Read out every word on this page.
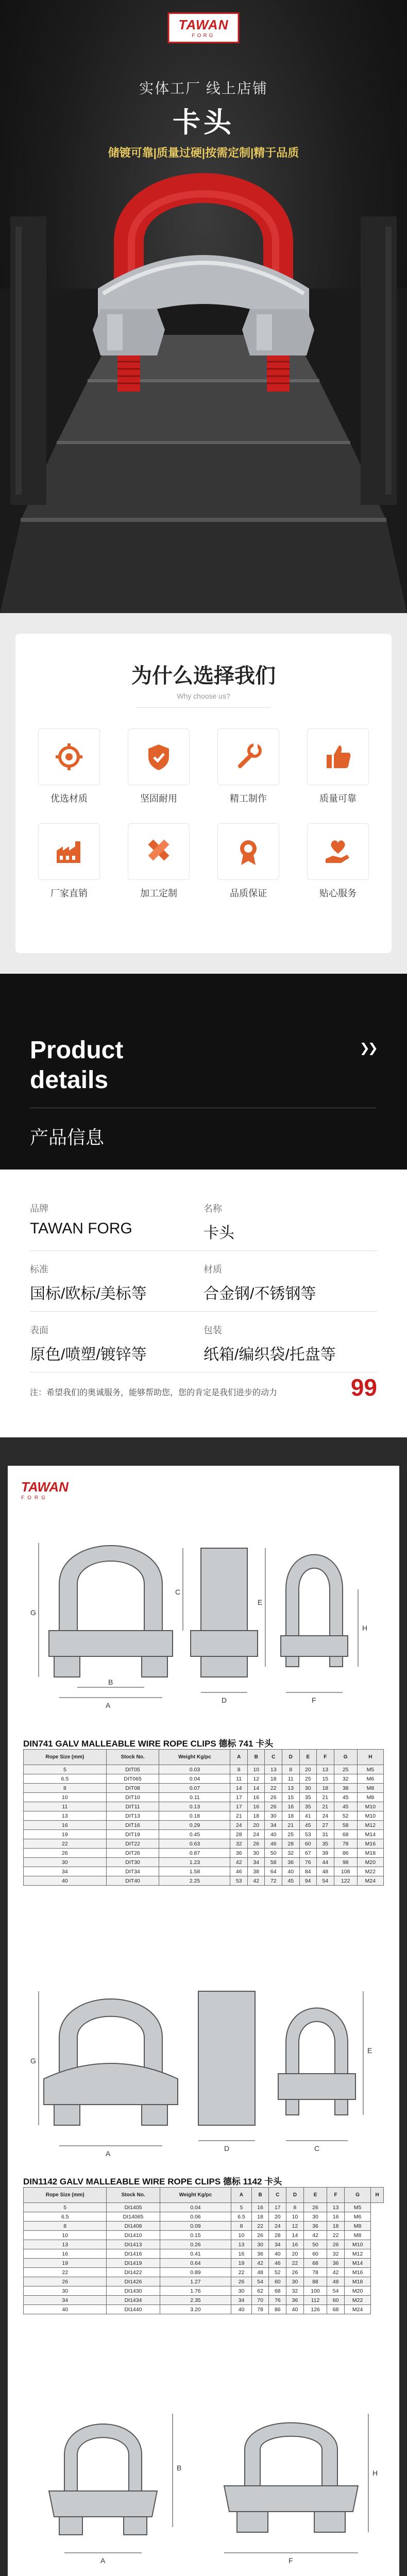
TAWAN
FORG
实体工厂 线上店铺
卡头
储镀可靠|质量过硬|按需定制|精于品质
为什么选择我们
Why choose us?
优选材质	坚固耐用	精工制作	质量可靠
厂家直销	加工定制	品质保证	贴心服务
Product
details
❯❯
产品信息
品牌
TAWAN FORG
名称
卡头
标准
国标/欧标/美标等
材质
合金钢/不锈钢等
表面
原色/喷塑/镀锌等
包装
纸箱/编织袋/托盘等
注：希望我们的奥诚服务，能够帮助您，您的肯定是我们进步的动力	99
TAWAN
FORG
A
B
G
C
D
E
F
H
DIN741 GALV MALLEABLE WIRE ROPE CLIPS 德标 741 卡头
Rope Size (mm)	Stock No.	Weight Kg/pc	A	B	C	D	E	F	G	H
5	DIT05	0.03	8	10	13	8	20	13	25	M5
6.5	DIT065	0.04	11	12	18	11	25	15	32	M6
8	DIT08	0.07	14	14	22	13	30	18	38	M8
10	DIT10	0.11	17	16	26	15	35	21	45	M8
11	DIT11	0.13	17	16	26	16	35	21	45	M10
13	DIT13	0.18	21	18	30	18	41	24	52	M10
16	DIT16	0.29	24	20	34	21	45	27	58	M12
19	DIT19	0.45	28	24	40	25	53	31	68	M14
22	DIT22	0.63	32	26	46	28	60	35	78	M16
26	DIT26	0.87	36	30	50	32	67	39	86	M18
30	DIT30	1.23	42	34	58	36	76	44	98	M20
34	DIT34	1.58	46	38	64	40	84	48	108	M22
40	DIT40	2.25	53	42	72	45	94	54	122	M24
A
G
D	C
E
DIN1142 GALV MALLEABLE WIRE ROPE CLIPS 德标 1142 卡头
Rope Size (mm)	Stock No.	Weight Kg/pc	A	B	C	D	E	F	G	H
5	DI1405	0.04	5	16	17	8	26	13	M5	
6.5	DI14065	0.06	6.5	18	20	10	30	16	M6	
8	DI1408	0.09	8	22	24	12	36	18	M8	
10	DI1410	0.15	10	26	28	14	42	22	M8	
13	DI1413	0.26	13	30	34	16	50	26	M10	
16	DI1416	0.41	16	36	40	20	60	32	M12	
19	DI1419	0.64	19	42	46	22	68	36	M14	
22	DI1422	0.89	22	48	52	26	78	42	M16	
26	DI1426	1.27	26	54	60	30	88	48	M18	
30	DI1430	1.76	30	62	68	32	100	54	M20	
34	DI1434	2.35	34	70	76	36	112	60	M22	
40	DI1440	3.20	40	78	86	40	126	68	M24	
A
B
F
H
